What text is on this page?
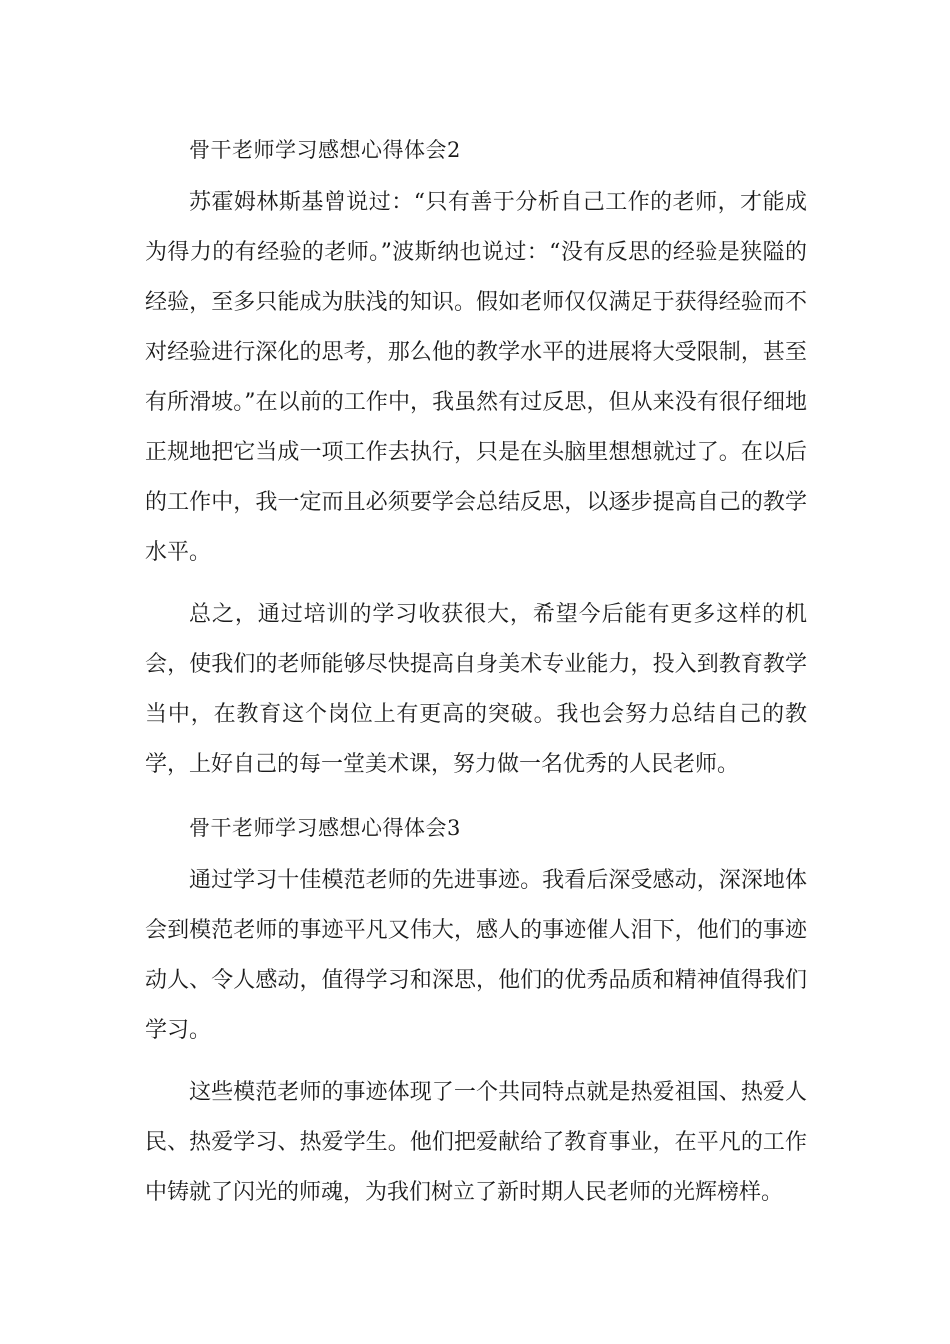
骨干老师学习感想心得体会2

苏霍姆林斯基曾说过：“只有善于分析自己工作的老师，才能成为得力的有经验的老师。”波斯纳也说过：“没有反思的经验是狭隘的经验，至多只能成为肤浅的知识。假如老师仅仅满足于获得经验而不对经验进行深化的思考，那么他的教学水平的进展将大受限制，甚至有所滑坡。”在以前的工作中，我虽然有过反思，但从来没有很仔细地正规地把它当成一项工作去执行，只是在头脑里想想就过了。在以后的工作中，我一定而且必须要学会总结反思，以逐步提高自己的教学水平。

总之，通过培训的学习收获很大，希望今后能有更多这样的机会，使我们的老师能够尽快提高自身美术专业能力，投入到教育教学当中，在教育这个岗位上有更高的突破。我也会努力总结自己的教学，上好自己的每一堂美术课，努力做一名优秀的人民老师。

骨干老师学习感想心得体会3

通过学习十佳模范老师的先进事迹。我看后深受感动，深深地体会到模范老师的事迹平凡又伟大，感人的事迹催人泪下，他们的事迹动人、令人感动，值得学习和深思，他们的优秀品质和精神值得我们学习。

这些模范老师的事迹体现了一个共同特点就是热爱祖国、热爱人民、热爱学习、热爱学生。他们把爱献给了教育事业，在平凡的工作中铸就了闪光的师魂，为我们树立了新时期人民老师的光辉榜样。
